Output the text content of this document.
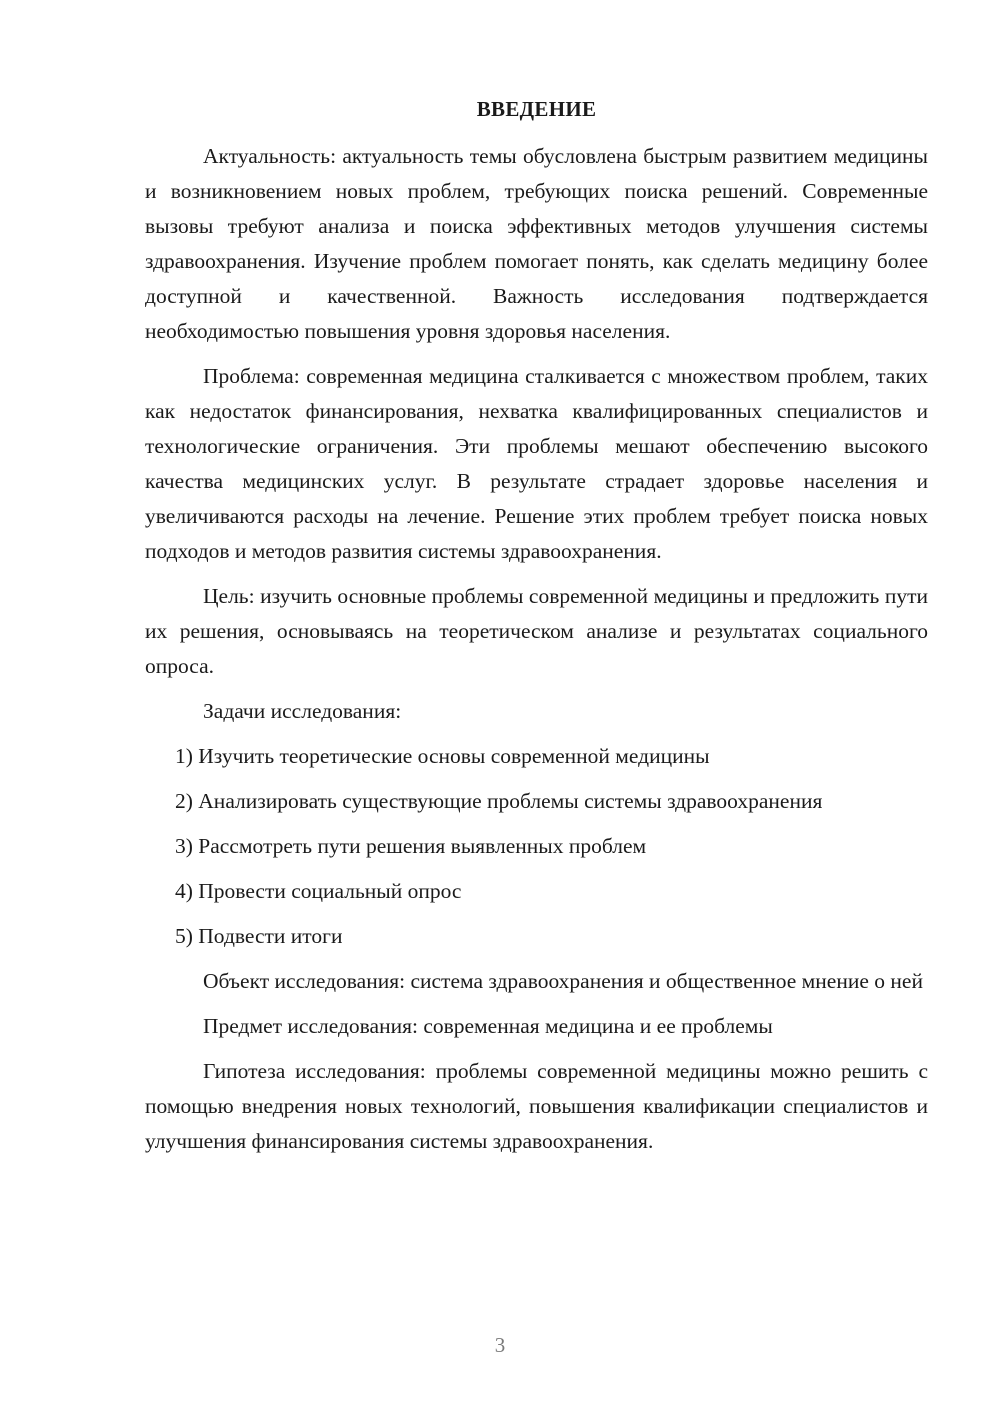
ВВЕДЕНИЕ

Актуальность: актуальность темы обусловлена быстрым развитием медицины и возникновением новых проблем, требующих поиска решений. Современные вызовы требуют анализа и поиска эффективных методов улучшения системы здравоохранения. Изучение проблем помогает понять, как сделать медицину более доступной и качественной. Важность исследования подтверждается необходимостью повышения уровня здоровья населения.

Проблема: современная медицина сталкивается с множеством проблем, таких как недостаток финансирования, нехватка квалифицированных специалистов и технологические ограничения. Эти проблемы мешают обеспечению высокого качества медицинских услуг. В результате страдает здоровье населения и увеличиваются расходы на лечение. Решение этих проблем требует поиска новых подходов и методов развития системы здравоохранения.

Цель: изучить основные проблемы современной медицины и предложить пути их решения, основываясь на теоретическом анализе и результатах социального опроса.

Задачи исследования:

1) Изучить теоретические основы современной медицины

2) Анализировать существующие проблемы системы здравоохранения

3) Рассмотреть пути решения выявленных проблем

4) Провести социальный опрос

5) Подвести итоги

Объект исследования: система здравоохранения и общественное мнение о ней

Предмет исследования: современная медицина и ее проблемы

Гипотеза исследования: проблемы современной медицины можно решить с помощью внедрения новых технологий, повышения квалификации специалистов и улучшения финансирования системы здравоохранения.

3
